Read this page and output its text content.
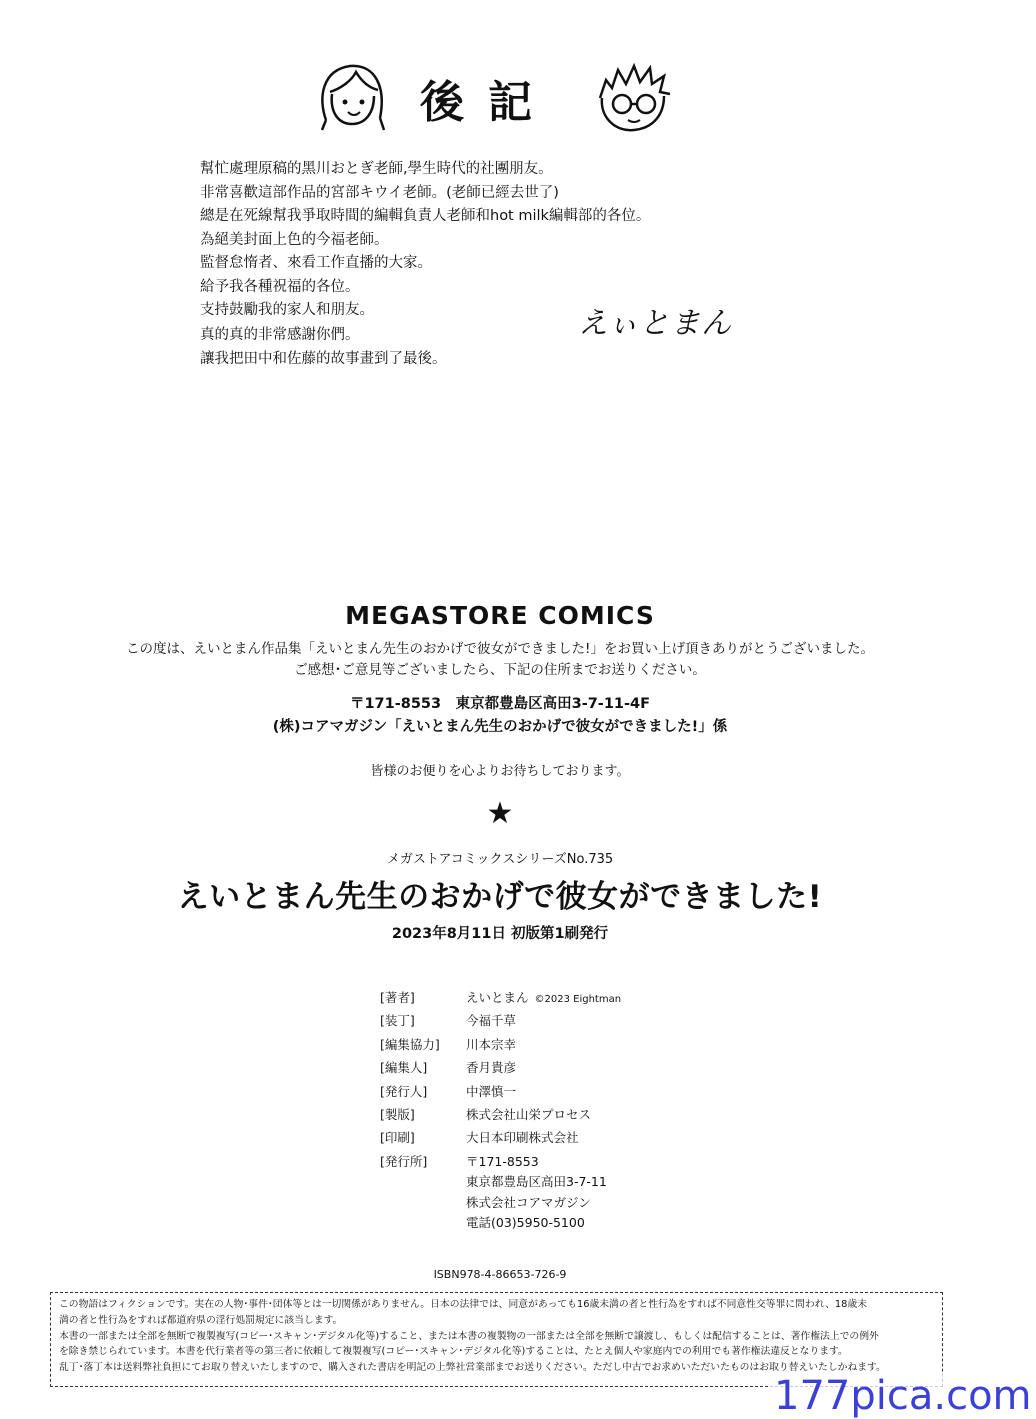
後記
幫忙處理原稿的黑川おとぎ老師,學生時代的社團朋友。
非常喜歡這部作品的宮部キウイ老師。(老師已經去世了)
總是在死線幫我爭取時間的編輯負責人老師和hot milk編輯部的各位。
為絕美封面上色的今福老師。
監督怠惰者、來看工作直播的大家。
給予我各種祝福的各位。
支持鼓勵我的家人和朋友。	えぃとまん
真的真的非常感謝你們。
讓我把田中和佐藤的故事畫到了最後。
MEGASTORE COMICS
この度は、えいとまん作品集「えいとまん先生のおかげで彼女ができました!」をお買い上げ頂きありがとうございました。
ご感想･ご意見等ございましたら、下記の住所までお送りください。
〒171-8553　東京都豊島区高田3-7-11-4F
(株)コアマガジン「えいとまん先生のおかげで彼女ができました!」係
皆様のお便りを心よりお待ちしております。
★
メガストアコミックスシリーズNo.735
えいとまん先生のおかげで彼女ができました!
2023年8月11日 初版第1刷発行
[著者]	えいとまん ©2023 Eightman
[装丁]	今福千草
[編集協力] 川本宗幸
[編集人]	香月貴彦
[発行人]	中澤慎一
[製版]	株式会社山栄プロセス
[印刷]	大日本印刷株式会社
[発行所]	〒171-8553
東京都豊島区高田3-7-11
株式会社コアマガジン
電話(03)5950-5100
ISBN978-4-86653-726-9
この物語はフィクションです。実在の人物･事件･団体等とは一切関係がありません。日本の法律では、同意があっても16歳未満の者と性行為をすれば不同意性交等罪に問われ、18歳未
満の者と性行為をすれば都道府県の淫行処罰規定に該当します。
本書の一部または全部を無断で複製複写(コピー･スキャン･デジタル化等)すること、または本書の複製物の一部または全部を無断で譲渡し、もしくは配信することは、著作権法上での例外
を除き禁じられています。本書を代行業者等の第三者に依頼して複製複写(コピー･スキャン･デジタル化等)することは、たとえ個人や家庭内での利用でも著作権法違反となります。
乱丁･落丁本は送料弊社負担にてお取り替えいたしますので、購入された書店を明記の上弊社営業部までお送りください。ただし中古でお求めいただいたものはお取り替えいたしかねます。
177pica.com
